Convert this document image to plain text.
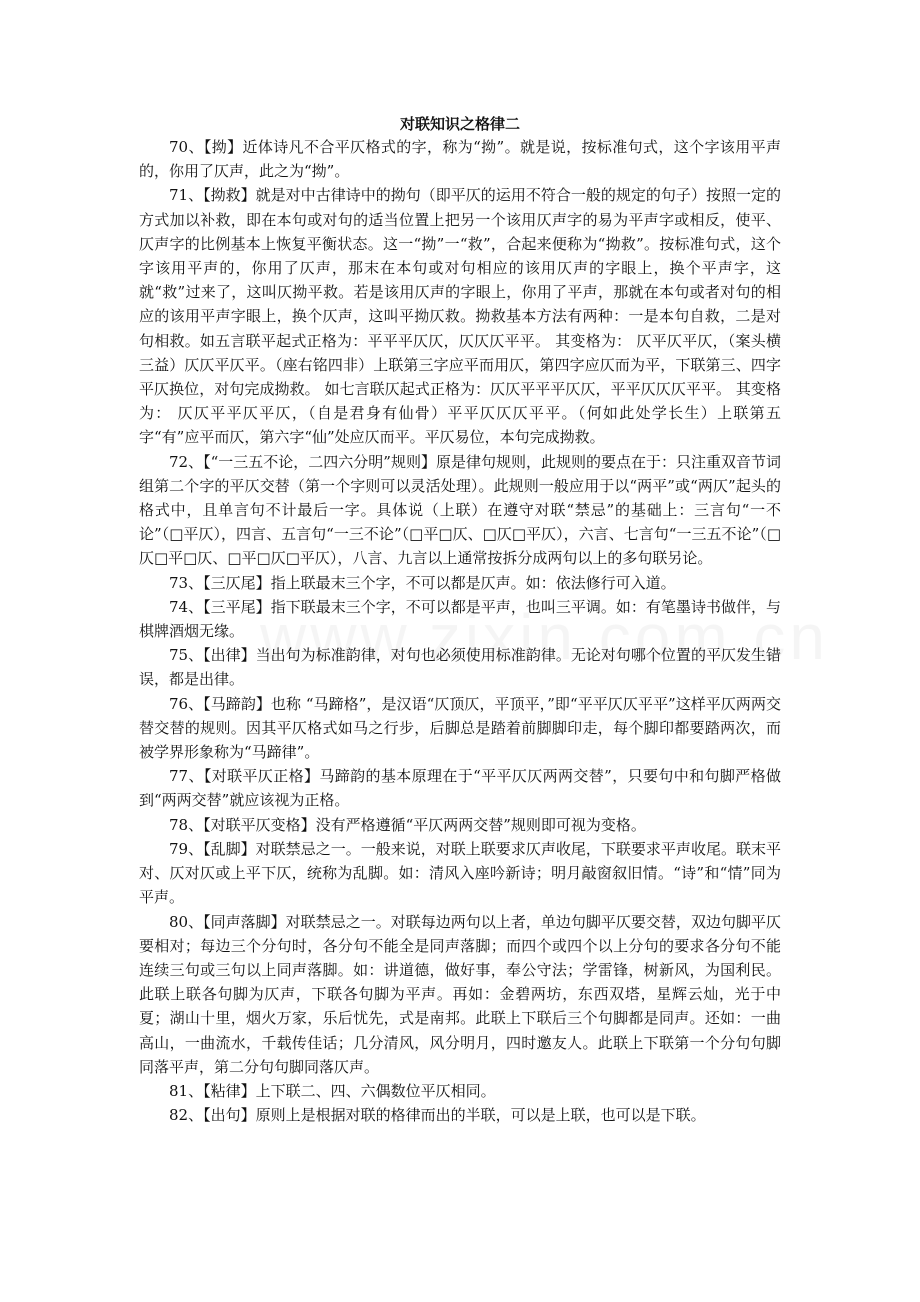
对联知识之格律二

70、【拗】近体诗凡不合平仄格式的字，称为“拗”。就是说，按标准句式，这个字该用平声的，你用了仄声，此之为“拗”。

71、【拗救】就是对中古律诗中的拗句（即平仄的运用不符合一般的规定的句子）按照一定的方式加以补救，即在本句或对句的适当位置上把另一个该用仄声字的易为平声字或相反，使平、仄声字的比例基本上恢复平衡状态。这一“拗”一“救”，合起来便称为“拗救”。按标准句式，这个字该用平声的，你用了仄声，那末在本句或对句相应的该用仄声的字眼上，换个平声字，这就“救”过来了，这叫仄拗平救。若是该用仄声的字眼上，你用了平声，那就在本句或者对句的相应的该用平声字眼上，换个仄声，这叫平拗仄救。拗救基本方法有两种：一是本句自救，二是对句相救。如五言联平起式正格为：平平平仄仄，仄仄仄平平。 其变格为： 仄平仄平仄，（案头横三益）仄仄平仄平。（座右铭四非）上联第三字应平而用仄，第四字应仄而为平，下联第三、四字平仄换位，对句完成拗救。 如七言联仄起式正格为：仄仄平平平仄仄，平平仄仄仄平平。 其变格为： 仄仄平平仄平仄，（自是君身有仙骨）平平仄仄仄平平。（何如此处学长生）上联第五字“有”应平而仄，第六字“仙”处应仄而平。平仄易位，本句完成拗救。

72、【“一三五不论，二四六分明”规则】原是律句规则，此规则的要点在于：只注重双音节词组第二个字的平仄交替（第一个字则可以灵活处理）。此规则一般应用于以“两平”或“两仄”起头的格式中，且单言句不计最后一字。具体说（上联）在遵守对联“禁忌”的基础上：三言句“一不论”（□平仄），四言、五言句“一三不论”（□平□仄、□仄□平仄），六言、七言句“一三五不论”（□仄□平□仄、□平□仄□平仄），八言、九言以上通常按拆分成两句以上的多句联另论。

73、【三仄尾】指上联最末三个字，不可以都是仄声。如：依法修行可入道。

74、【三平尾】指下联最末三个字，不可以都是平声，也叫三平调。如：有笔墨诗书做伴，与棋牌酒烟无缘。

75、【出律】当出句为标准韵律，对句也必须使用标准韵律。无论对句哪个位置的平仄发生错误，都是出律。

76、【马蹄韵】也称 “马蹄格”，是汉语“仄顶仄，平顶平，”即“平平仄仄平平”这样平仄两两交替交替的规则。因其平仄格式如马之行步，后脚总是踏着前脚脚印走，每个脚印都要踏两次，而被学界形象称为“马蹄律”。

77、【对联平仄正格】马蹄韵的基本原理在于“平平仄仄两两交替”，只要句中和句脚严格做到“两两交替”就应该视为正格。

78、【对联平仄变格】没有严格遵循“平仄两两交替”规则即可视为变格。

79、【乱脚】对联禁忌之一。一般来说，对联上联要求仄声收尾，下联要求平声收尾。联末平对、仄对仄或上平下仄，统称为乱脚。如：清风入座吟新诗；明月敲窗叙旧情。“诗”和“情”同为平声。

80、【同声落脚】对联禁忌之一。对联每边两句以上者，单边句脚平仄要交替，双边句脚平仄要相对；每边三个分句时，各分句不能全是同声落脚；而四个或四个以上分句的要求各分句不能连续三句或三句以上同声落脚。如：讲道德，做好事，奉公守法；学雷锋，树新风，为国利民。此联上联各句脚为仄声，下联各句脚为平声。再如：金碧两坊，东西双塔，星辉云灿，光于中夏；湖山十里，烟火万家，乐后忧先，式是南邦。此联上下联后三个句脚都是同声。还如：一曲高山，一曲流水，千载传佳话；几分清风，风分明月，四时邀友人。此联上下联第一个分句句脚同落平声，第二分句句脚同落仄声。

81、【粘律】上下联二、四、六偶数位平仄相同。

82、【出句】原则上是根据对联的格律而出的半联，可以是上联，也可以是下联。
